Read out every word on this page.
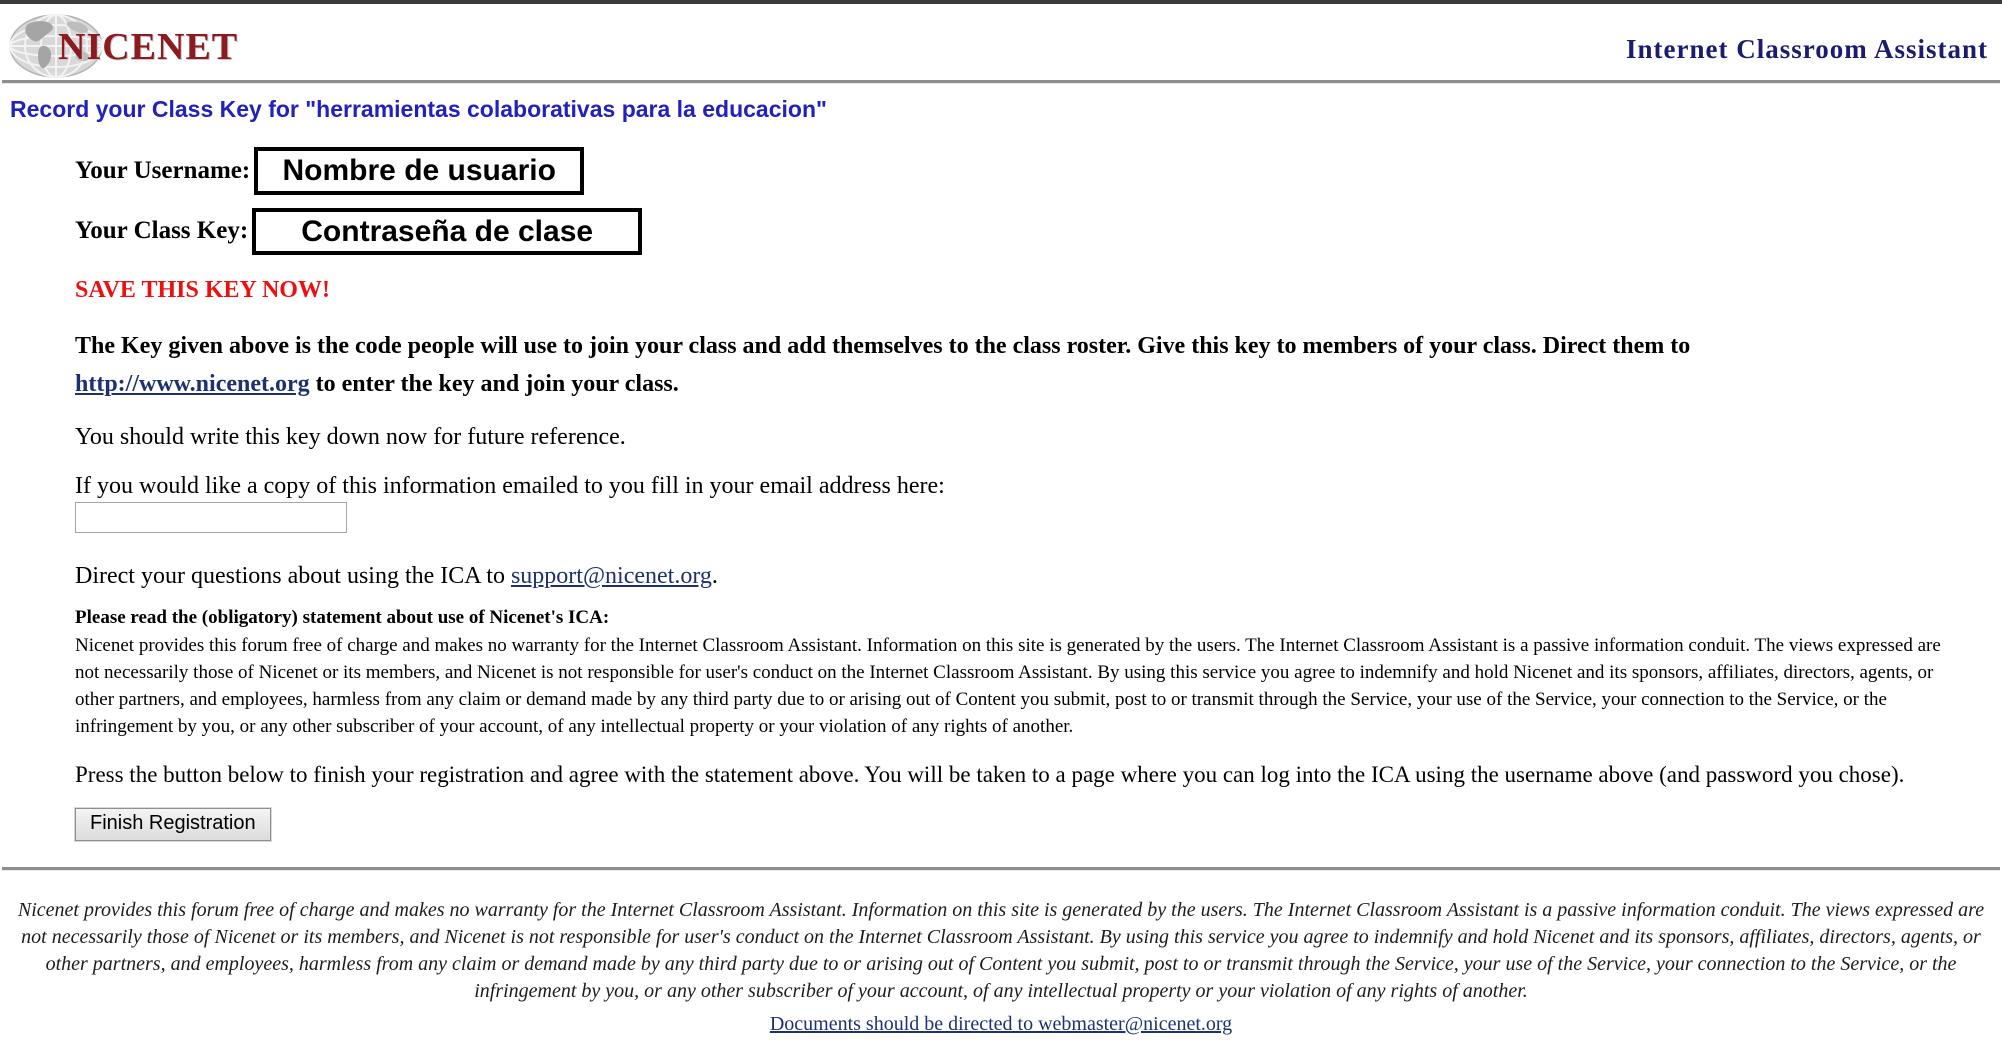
NICENET	Internet Classroom Assistant
Record your Class Key for "herramientas colaborativas para la educacion"
Your Username:	Nombre de usuario
Your Class Key:	Contraseña de clase
SAVE THIS KEY NOW!
The Key given above is the code people will use to join your class and add themselves to the class roster. Give this key to members of your class. Direct them to http://www.nicenet.org to enter the key and join your class.
You should write this key down now for future reference.
If you would like a copy of this information emailed to you fill in your email address here:
Direct your questions about using the ICA to support@nicenet.org.
Please read the (obligatory) statement about use of Nicenet's ICA:
Nicenet provides this forum free of charge and makes no warranty for the Internet Classroom Assistant. Information on this site is generated by the users. The Internet Classroom Assistant is a passive information conduit. The views expressed are not necessarily those of Nicenet or its members, and Nicenet is not responsible for user's conduct on the Internet Classroom Assistant. By using this service you agree to indemnify and hold Nicenet and its sponsors, affiliates, directors, agents, or other partners, and employees, harmless from any claim or demand made by any third party due to or arising out of Content you submit, post to or transmit through the Service, your use of the Service, your connection to the Service, or the infringement by you, or any other subscriber of your account, of any intellectual property or your violation of any rights of another.
Press the button below to finish your registration and agree with the statement above. You will be taken to a page where you can log into the ICA using the username above (and password you chose).
Finish Registration
Nicenet provides this forum free of charge and makes no warranty for the Internet Classroom Assistant. Information on this site is generated by the users. The Internet Classroom Assistant is a passive information conduit. The views expressed are not necessarily those of Nicenet or its members, and Nicenet is not responsible for user's conduct on the Internet Classroom Assistant. By using this service you agree to indemnify and hold Nicenet and its sponsors, affiliates, directors, agents, or other partners, and employees, harmless from any claim or demand made by any third party due to or arising out of Content you submit, post to or transmit through the Service, your use of the Service, your connection to the Service, or the infringement by you, or any other subscriber of your account, of any intellectual property or your violation of any rights of another.
Documents should be directed to webmaster@nicenet.org
